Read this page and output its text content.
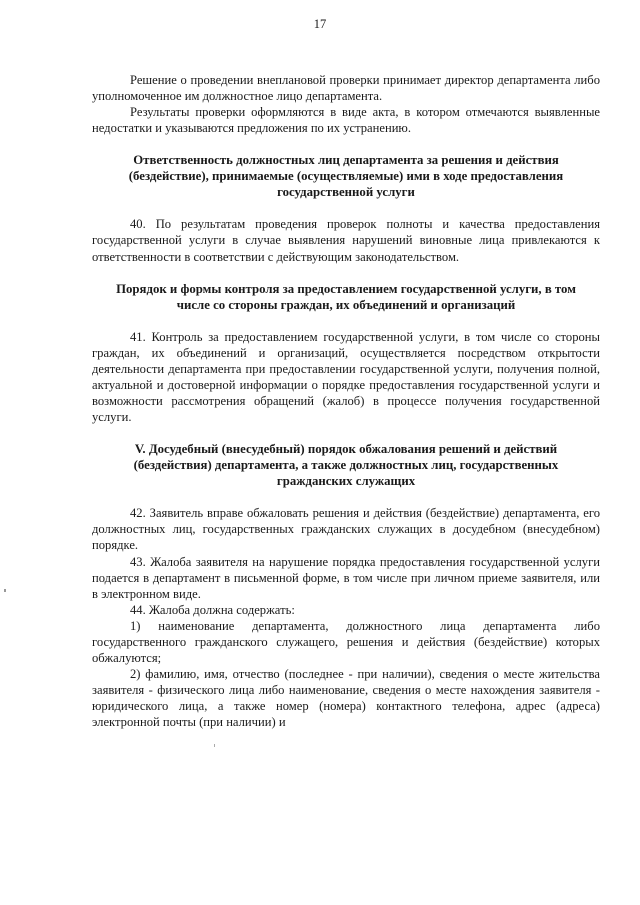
17

Решение о проведении внеплановой проверки принимает директор департамента либо уполномоченное им должностное лицо департамента.

Результаты проверки оформляются в виде акта, в котором отмечаются выявленные недостатки и указываются предложения по их устранению.

Ответственность должностных лиц департамента за решения и действия (бездействие), принимаемые (осуществляемые) ими в ходе предоставления государственной услуги

40. По результатам проведения проверок полноты и качества предоставления государственной услуги в случае выявления нарушений виновные лица привлекаются к ответственности в соответствии с действующим законодательством.

Порядок и формы контроля за предоставлением государственной услуги, в том числе со стороны граждан, их объединений и организаций

41. Контроль за предоставлением государственной услуги, в том числе со стороны граждан, их объединений и организаций, осуществляется посредством открытости деятельности департамента при предоставлении государственной услуги, получения полной, актуальной и достоверной информации о порядке предоставления государственной услуги и возможности рассмотрения обращений (жалоб) в процессе получения государственной услуги.

V. Досудебный (внесудебный) порядок обжалования решений и действий (бездействия) департамента, а также должностных лиц, государственных гражданских служащих

42. Заявитель вправе обжаловать решения и действия (бездействие) департамента, его должностных лиц, государственных гражданских служащих в досудебном (внесудебном) порядке.

43. Жалоба заявителя на нарушение порядка предоставления государственной услуги подается в департамент в письменной форме, в том числе при личном приеме заявителя, или в электронном виде.

44. Жалоба должна содержать:

1) наименование департамента, должностного лица департамента либо государственного гражданского служащего, решения и действия (бездействие) которых обжалуются;

2) фамилию, имя, отчество (последнее - при наличии), сведения о месте жительства заявителя - физического лица либо наименование, сведения о месте нахождения заявителя - юридического лица, а также номер (номера) контактного телефона, адрес (адреса) электронной почты (при наличии) и
